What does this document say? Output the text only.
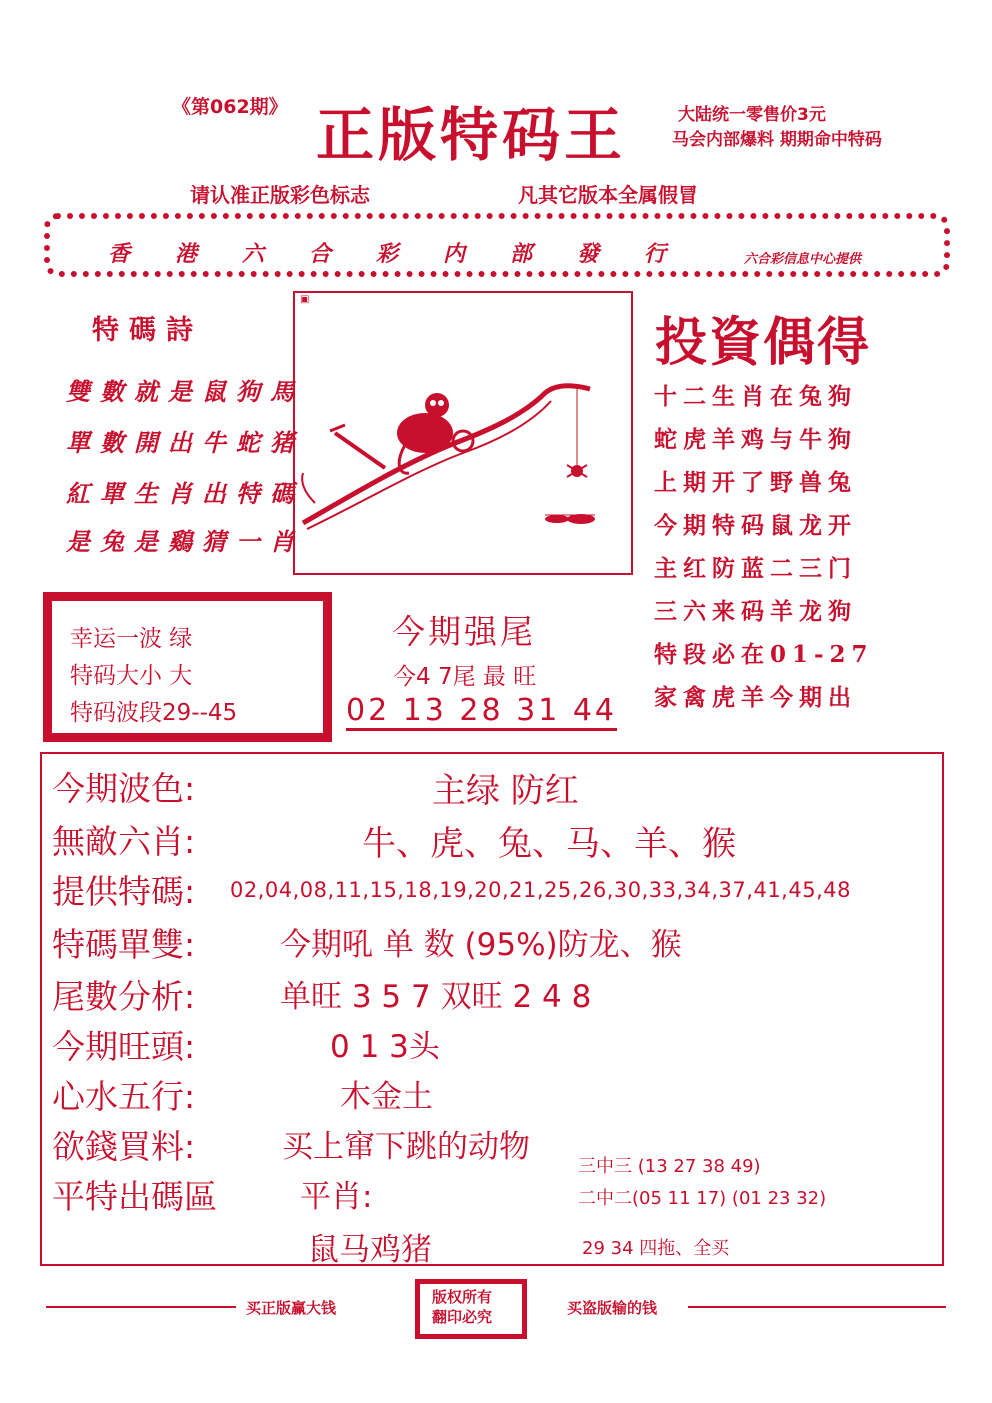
《第062期》 正版特码王	大陆统一零售价3元
马会内部爆料 期期命中特码
请认准正版彩色标志	凡其它版本全属假冒
香港六合彩内部發行	六合彩信息中心提供
特碼詩
雙數就是鼠狗馬
單數開出牛蛇猪
紅單生肖出特碼
是兔是鷄猜一肖
▣
投資偶得
十二生肖在兔狗
蛇虎羊鸡与牛狗
上期开了野兽兔
今期特码鼠龙开
主红防蓝二三门
三六来码羊龙狗
特段必在01-27
家禽虎羊今期出
幸运一波 绿
特码大小 大
特码波段29--45
今期强尾
今4 7尾 最 旺
02 13 28 31 44
今期波色:	主绿 防红
無敵六肖:	牛、虎、兔、马、羊、猴
提供特碼: 02,04,08,11,15,18,19,20,21,25,26,30,33,34,37,41,45,48
特碼單雙:	今期吼 单 数 (95%)防龙、猴
尾數分析:	单旺 3 5 7 双旺 2 4 8
今期旺頭:	0 1 3头
心水五行:	木金土
欲錢買料:	买上窜下跳的动物
平特出碼區	平肖:
三中三 (13 27 38 49)
二中二(05 11 17) (01 23 32)
29 34 四拖、全买
鼠马鸡猪
买正版赢大钱
版权所有
翻印必究	买盗版输的钱
